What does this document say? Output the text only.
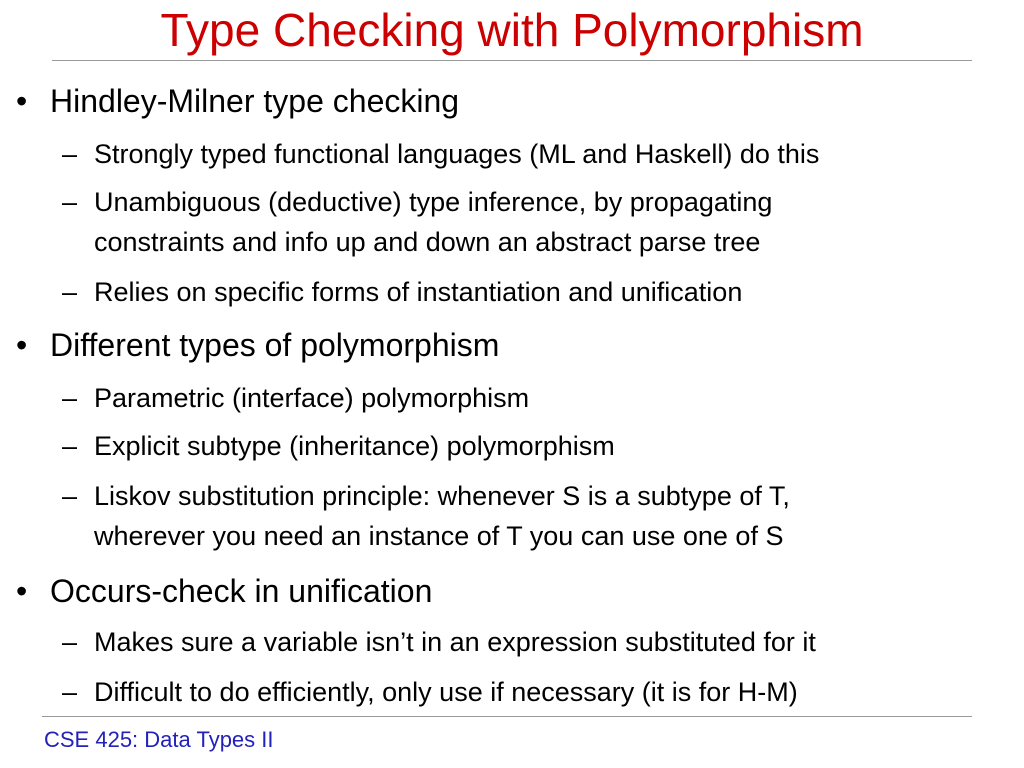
Type Checking with Polymorphism
• Hindley-Milner type checking
– Strongly typed functional languages (ML and Haskell) do this
– Unambiguous (deductive) type inference, by propagating
constraints and info up and down an abstract parse tree
– Relies on specific forms of instantiation and unification
• Different types of polymorphism
– Parametric (interface) polymorphism
– Explicit subtype (inheritance) polymorphism
– Liskov substitution principle: whenever S is a subtype of T,
wherever you need an instance of T you can use one of S
• Occurs-check in unification
– Makes sure a variable isn’t in an expression substituted for it
– Difficult to do efficiently, only use if necessary (it is for H-M)
CSE 425: Data Types II
